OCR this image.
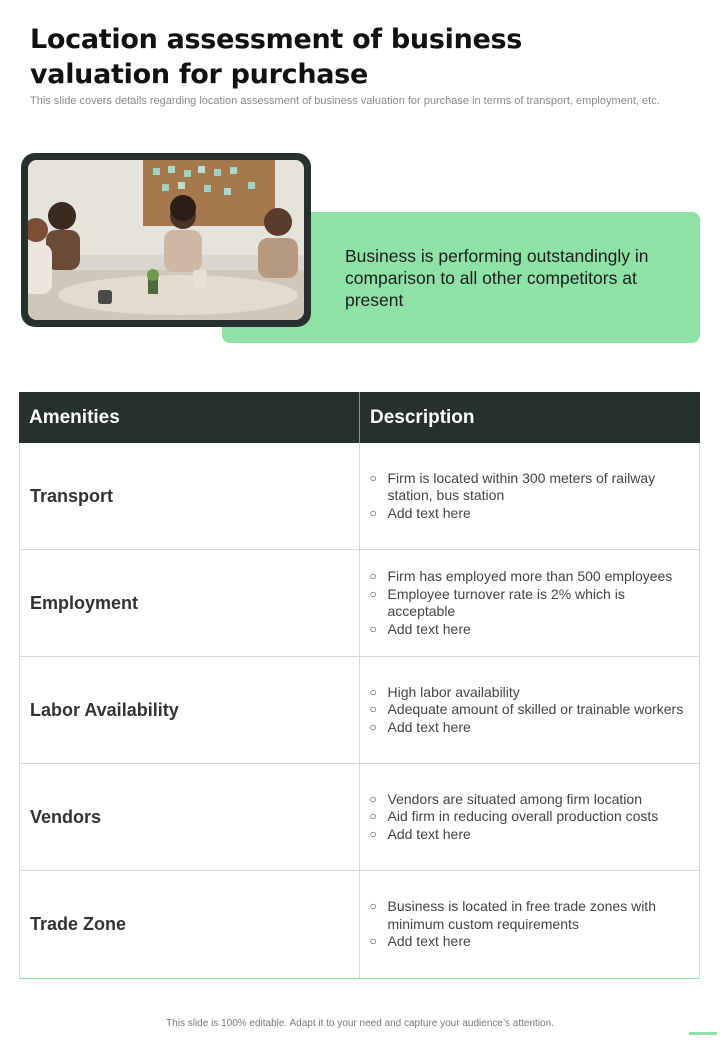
Location assessment of business valuation for purchase
This slide covers details regarding location assessment of business valuation for purchase in terms of transport, employment, etc.
Business is performing outstandingly in comparison to all other competitors at present
Amenities	Description
Transport
○ Firm is located within 300 meters of railway station, bus station
○ Add text here
Employment
○ Firm has employed more than 500 employees
○ Employee turnover rate is 2% which is acceptable
○ Add text here
Labor Availability
○ High labor availability
○ Adequate amount of skilled or trainable workers
○ Add text here
Vendors
○ Vendors are situated among firm location
○ Aid firm in reducing overall production costs
○ Add text here
Trade Zone
○ Business is located in free trade zones with minimum custom requirements
○ Add text here
This slide is 100% editable. Adapt it to your need and capture your audience’s attention.
